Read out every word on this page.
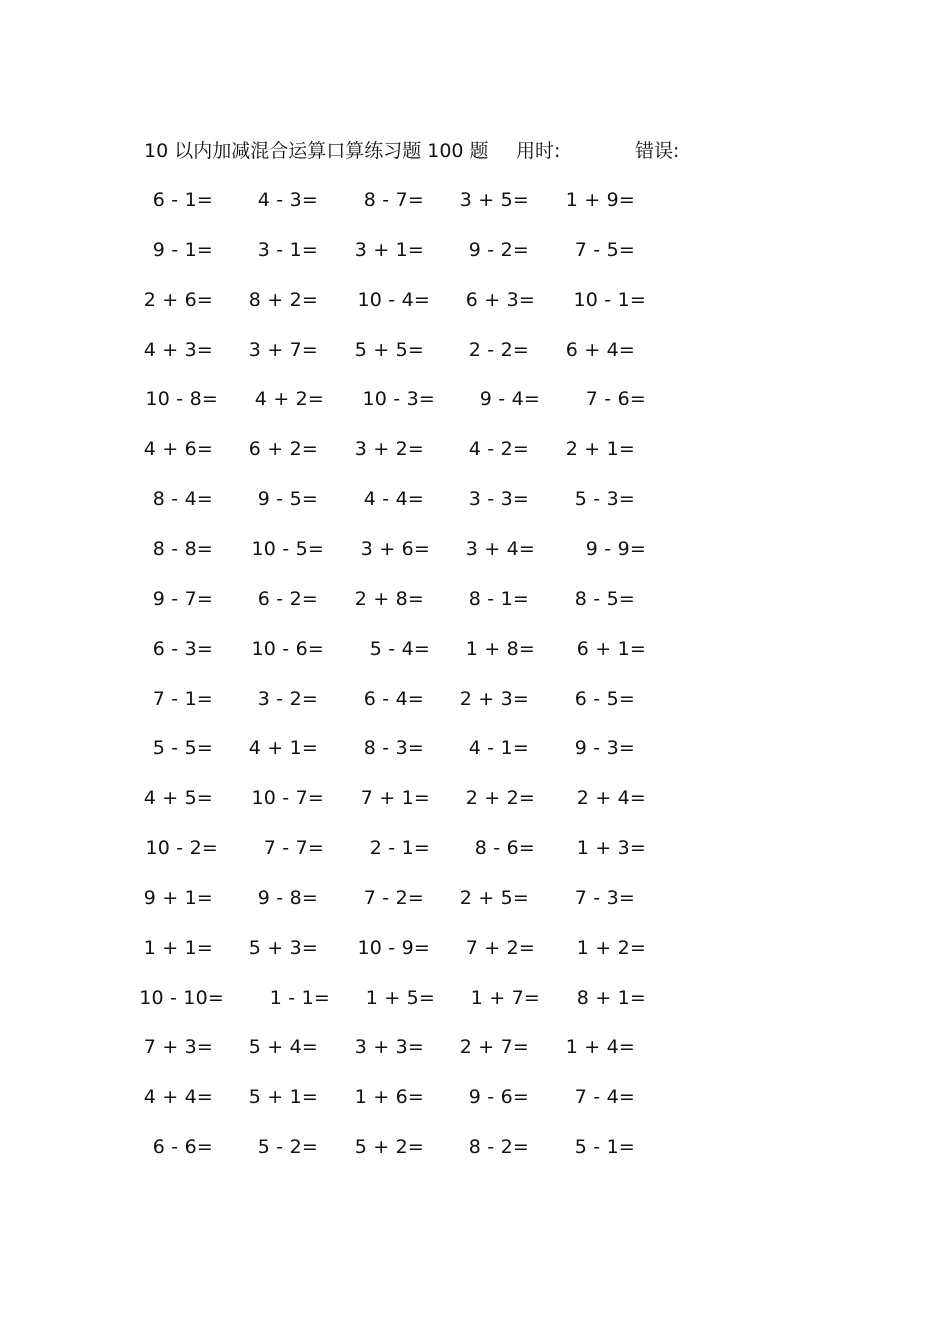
10 以内加减混合运算口算练习题 100 题 用时:	错误:
6 - 1= 4 - 3= 8 - 7= 3 + 5= 1 + 9=
9 - 1= 3 - 1= 3 + 1= 9 - 2= 7 - 5=
2 + 6= 8 + 2= 10 - 4= 6 + 3= 10 - 1=
4 + 3= 3 + 7= 5 + 5= 2 - 2= 6 + 4=
10 - 8= 4 + 2= 10 - 3= 9 - 4= 7 - 6=
4 + 6= 6 + 2= 3 + 2= 4 - 2= 2 + 1=
8 - 4= 9 - 5= 4 - 4= 3 - 3= 5 - 3=
8 - 8= 10 - 5= 3 + 6= 3 + 4=	9 - 9=
9 - 7= 6 - 2= 2 + 8= 8 - 1= 8 - 5=
6 - 3= 10 - 6= 5 - 4= 1 + 8= 6 + 1=
7 - 1= 3 - 2= 6 - 4= 2 + 3= 6 - 5=
5 - 5= 4 + 1= 8 - 3= 4 - 1= 9 - 3=
4 + 5= 10 - 7= 7 + 1= 2 + 2= 2 + 4=
10 - 2= 7 - 7= 2 - 1= 8 - 6= 1 + 3=
9 + 1= 9 - 8= 7 - 2= 2 + 5= 7 - 3=
1 + 1= 5 + 3= 10 - 9= 7 + 2= 1 + 2=
10 - 10= 1 - 1= 1 + 5= 1 + 7= 8 + 1=
7 + 3= 5 + 4= 3 + 3= 2 + 7= 1 + 4=
4 + 4= 5 + 1= 1 + 6= 9 - 6= 7 - 4=
6 - 6= 5 - 2= 5 + 2= 8 - 2= 5 - 1=
